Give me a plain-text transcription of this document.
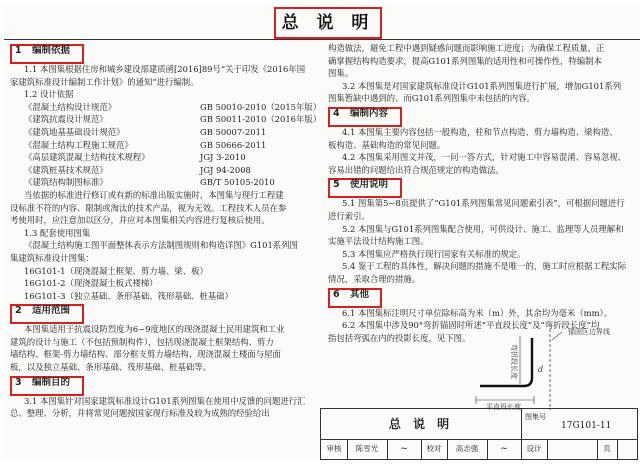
总 说 明
1 编制依据
1.1 本图集根据住房和城乡建设部建质函[2016]89号“关于印发《2016年国
家建筑标准设计编制工作计划》的通知”进行编制。
1.2 设计依据
《混凝土结构设计规范》	GB 50010-2010（2015年版）
《建筑抗震设计规范》	GB 50011-2010（2016年版）
《建筑地基基础设计规范》	GB 50007-2011
《混凝土结构工程施工规范》	GB 50666-2011
《高层建筑混凝土结构技术规程》	JGJ 3-2010
《建筑桩基技术规范》	JGJ 94-2008
《建筑结构制图标准》	GB/T 50105-2010
当依据的标准进行修订或有新的标准出版实施时，本图集与现行工程建
设标准不符的内容、限制或淘汰的技术产品，视为无效。工程技术人员在参
考使用时，应注意加以区分，并应对本图集相关内容进行复核后使用。
1.3 配套使用图集
《混凝土结构施工图平面整体表示方法制图规则和构造详图》G101系列图
集建筑标准设计图集：
16G101-1（现浇混凝土框架、剪力墙、梁、板）
16G101-2（现浇混凝土板式楼梯）
16G101-3（独立基础、条形基础、筏形基础、桩基础）
2 适用范围
本图集适用于抗震设防烈度为6~9度地区的现浇混凝土民用建筑和工业
建筑的设计与施工（不包括预制构件），包括现浇混凝土框架结构、剪力
墙结构、框架-剪力墙结构、部分框支剪力墙结构、现浇混凝土楼面与屋面
板，以及独立基础、条形基础、筏形基础、桩基础等。
3 编制目的
3.1 本图集针对国家建筑标准设计G101系列图集在使用中反馈的问题进行汇
总、整理、分析，并将常见问题按国家现行标准及较为成熟的经验给出
构造做法，避免工程中遇到疑惑问题而影响施工进度；为确保工程质量，正
确掌握结构构造要求，提高G101系列图集的适用性和可操作性，特编制本
图集。
3.2 本图集是对国家建筑标准设计G101系列图集进行扩展，增加G101系列
图集暂缺中遇到的、而G101系列图集中未包括的内容。
4 编制内容
4.1 本图集主要内容包括一般构造，柱和节点构造、剪力墙构造、梁构造、
板构造、基础构造的常见问题。
4.2 本图集采用图文并茂，一问一答方式，针对施工中容易混淆、容易忽视、
容易出错的问题给出符合规范规定的构造做法。
5 使用说明
5.1 图集第5~8页提供了“G101系列图集常见问题索引表”，可根据问题进行
进行索引。
5.2 本图集与G101系列图集配合使用，可供设计、施工、监理等人员理解和
实施平法设计结构施工图。
5.3 本图集应严格执行现行国家有关标准的规定。
5.4 鉴于工程的具体性，解决问题的措施不是唯一的，施工时应根据工程实际
情况，采取合理的措施。
6 其他
6.1 本图集标注明尺寸单位除标高为米（m）外，其余均为毫米（mm）。
6.2 本图集中涉及90°弯折锚固时所述“平直段长度”及“弯折段长度”均
指包括弯弧在内的投影长度，见下图。
锚固区边界线
平直段长度
弯折段长度	d
总 说 明	图集号
17G101-11
审核	陈雪光	​~	校对	高志强	​~	设计	页
